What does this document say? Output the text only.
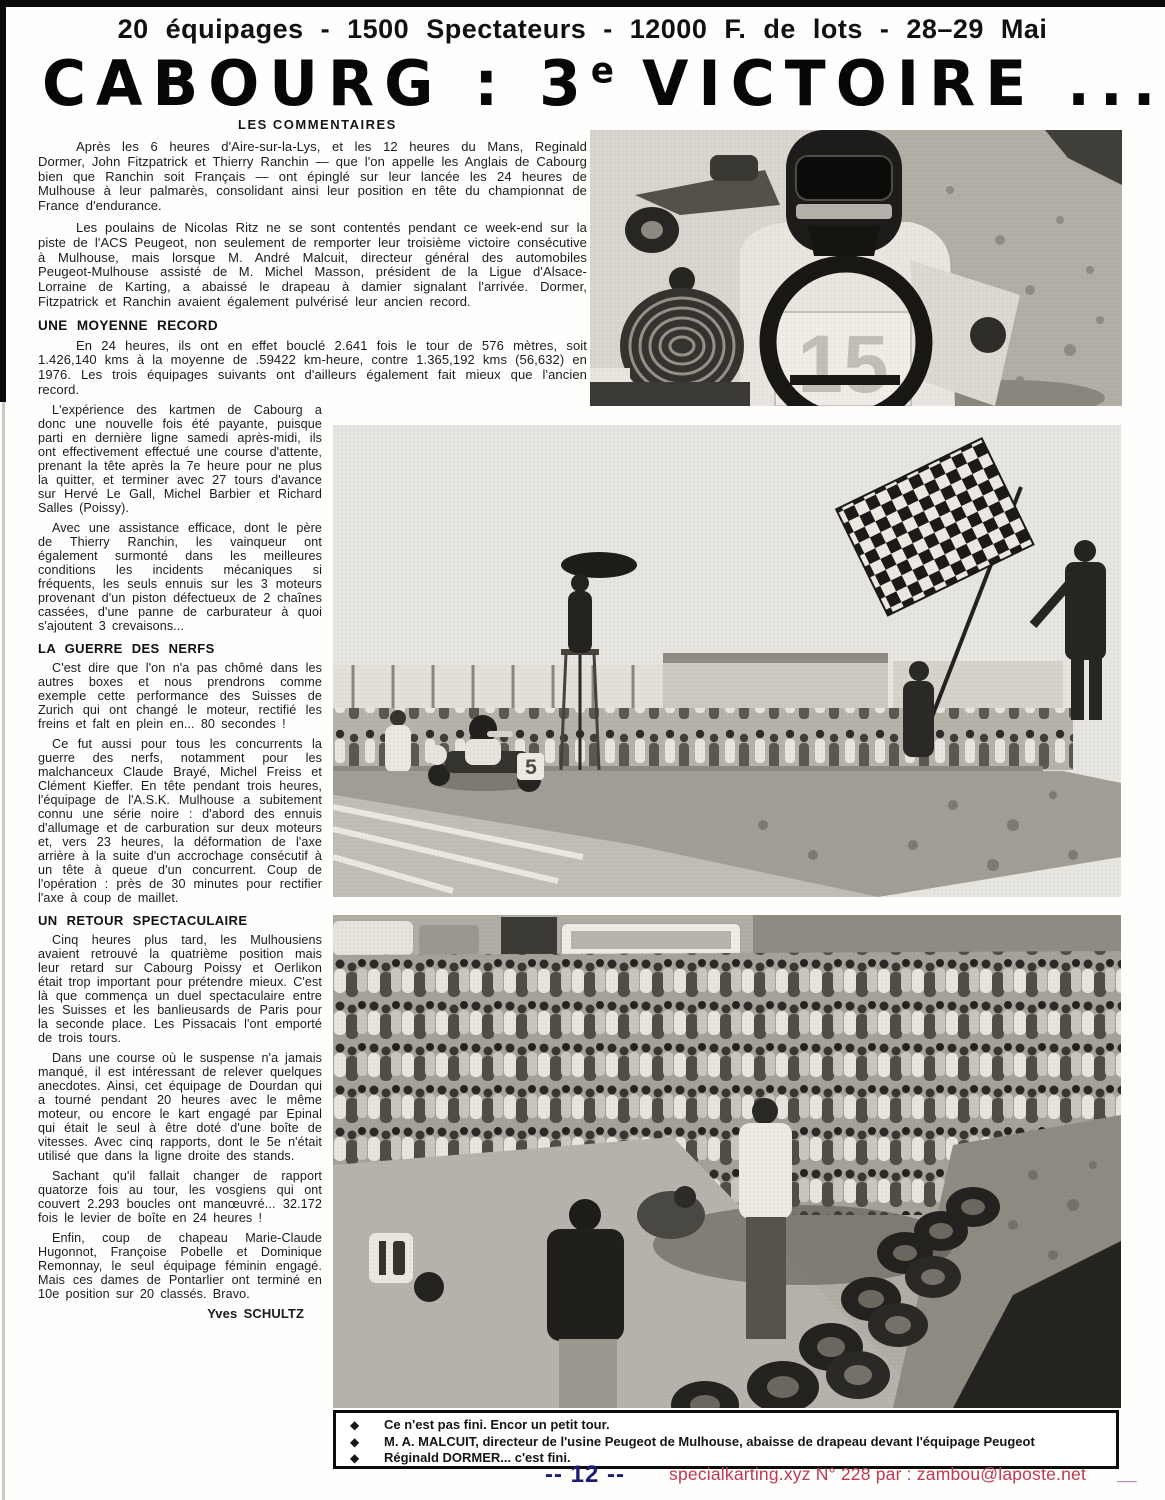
20 équipages - 1500 Spectateurs - 12000 F. de lots - 28–29 Mai
CABOURG : 3e VICTOIRE ...
LES COMMENTAIRES

Après les 6 heures d'Aire-sur-la-Lys, et les 12 heures du Mans, Reginald Dormer, John Fitzpatrick et Thierry Ranchin — que l'on appelle les Anglais de Cabourg bien que Ranchin soit Français — ont épinglé sur leur lancée les 24 heures de Mulhouse à leur palmarès, consolidant ainsi leur position en tête du championnat de France d'endurance.

Les poulains de Nicolas Ritz ne se sont contentés pendant ce week-end sur la piste de l'ACS Peugeot, non seulement de remporter leur troisième victoire consécutive à Mulhouse, mais lorsque M. André Malcuit, directeur général des automobiles Peugeot-Mulhouse assisté de M. Michel Masson, président de la Ligue d'Alsace-Lorraine de Karting, a abaissé le drapeau à damier signalant l'arrivée. Dormer, Fitzpatrick et Ranchin avaient également pulvérisé leur ancien record.

UNE MOYENNE RECORD

En 24 heures, ils ont en effet bouclé 2.641 fois le tour de 576 mètres, soit 1.426,140 kms à la moyenne de .59422 km-heure, contre 1.365,192 kms (56,632) en 1976. Les trois équipages suivants ont d'ailleurs également fait mieux que l'ancien record.

L'expérience des kartmen de Cabourg a donc une nouvelle fois été payante, puisque parti en dernière ligne samedi après-midi, ils ont effectivement effectué une course d'attente, prenant la tête après la 7e heure pour ne plus la quitter, et terminer avec 27 tours d'avance sur Hervé Le Gall, Michel Barbier et Richard Salles (Poissy).

Avec une assistance efficace, dont le père de Thierry Ranchin, les vainqueur ont également surmonté dans les meilleures conditions les incidents mécaniques si fréquents, les seuls ennuis sur les 3 moteurs provenant d'un piston défectueux de 2 chaînes cassées, d'une panne de carburateur à quoi s'ajoutent 3 crevaisons...

LA GUERRE DES NERFS

C'est dire que l'on n'a pas chômé dans les autres boxes et nous prendrons comme exemple cette performance des Suisses de Zurich qui ont changé le moteur, rectifié les freins et falt en plein en... 80 secondes !

Ce fut aussi pour tous les concurrents la guerre des nerfs, notamment pour les malchanceux Claude Brayé, Michel Freiss et Clément Kieffer. En tête pendant trois heures, l'équipage de l'A.S.K. Mulhouse a subitement connu une série noire : d'abord des ennuis d'allumage et de carburation sur deux moteurs et, vers 23 heures, la déformation de l'axe arrière à la suite d'un accrochage consécutif à un tête à queue d'un concurrent. Coup de l'opération : près de 30 minutes pour rectifier l'axe à coup de maillet.

UN RETOUR SPECTACULAIRE

Cinq heures plus tard, les Mulhousiens avaient retrouvé la quatrième position mais leur retard sur Cabourg Poissy et Oerlikon était trop important pour prétendre mieux. C'est là que commença un duel spectaculaire entre les Suisses et les banlieusards de Paris pour la seconde place. Les Pissacais l'ont emporté de trois tours.

Dans une course où le suspense n'a jamais manqué, il est intéressant de relever quelques anecdotes. Ainsi, cet équipage de Dourdan qui a tourné pendant 20 heures avec le même moteur, ou encore le kart engagé par Epinal qui était le seul à être doté d'une boîte de vitesses. Avec cinq rapports, dont le 5e n'était utilisé que dans la ligne droite des stands.

Sachant qu'il fallait changer de rapport quatorze fois au tour, les vosgiens qui ont couvert 2.293 boucles ont manœuvré... 32.172 fois le levier de boîte en 24 heures !

Enfin, coup de chapeau Marie-Claude Hugonnot, Françoise Pobelle et Dominique Remonnay, le seul équipage féminin engagé. Mais ces dames de Pontarlier ont terminé en 10e position sur 20 classés. Bravo.

Yves SCHULTZ
◆	Ce n'est pas fini. Encor un petit tour.
◆	M. A. MALCUIT, directeur de l'usine Peugeot de Mulhouse, abaisse de drapeau devant l'équipage Peugeot
◆	Réginald DORMER... c'est fini.
-- 12 --	specialkarting.xyz N° 228 par : zambou@laposte.net __
